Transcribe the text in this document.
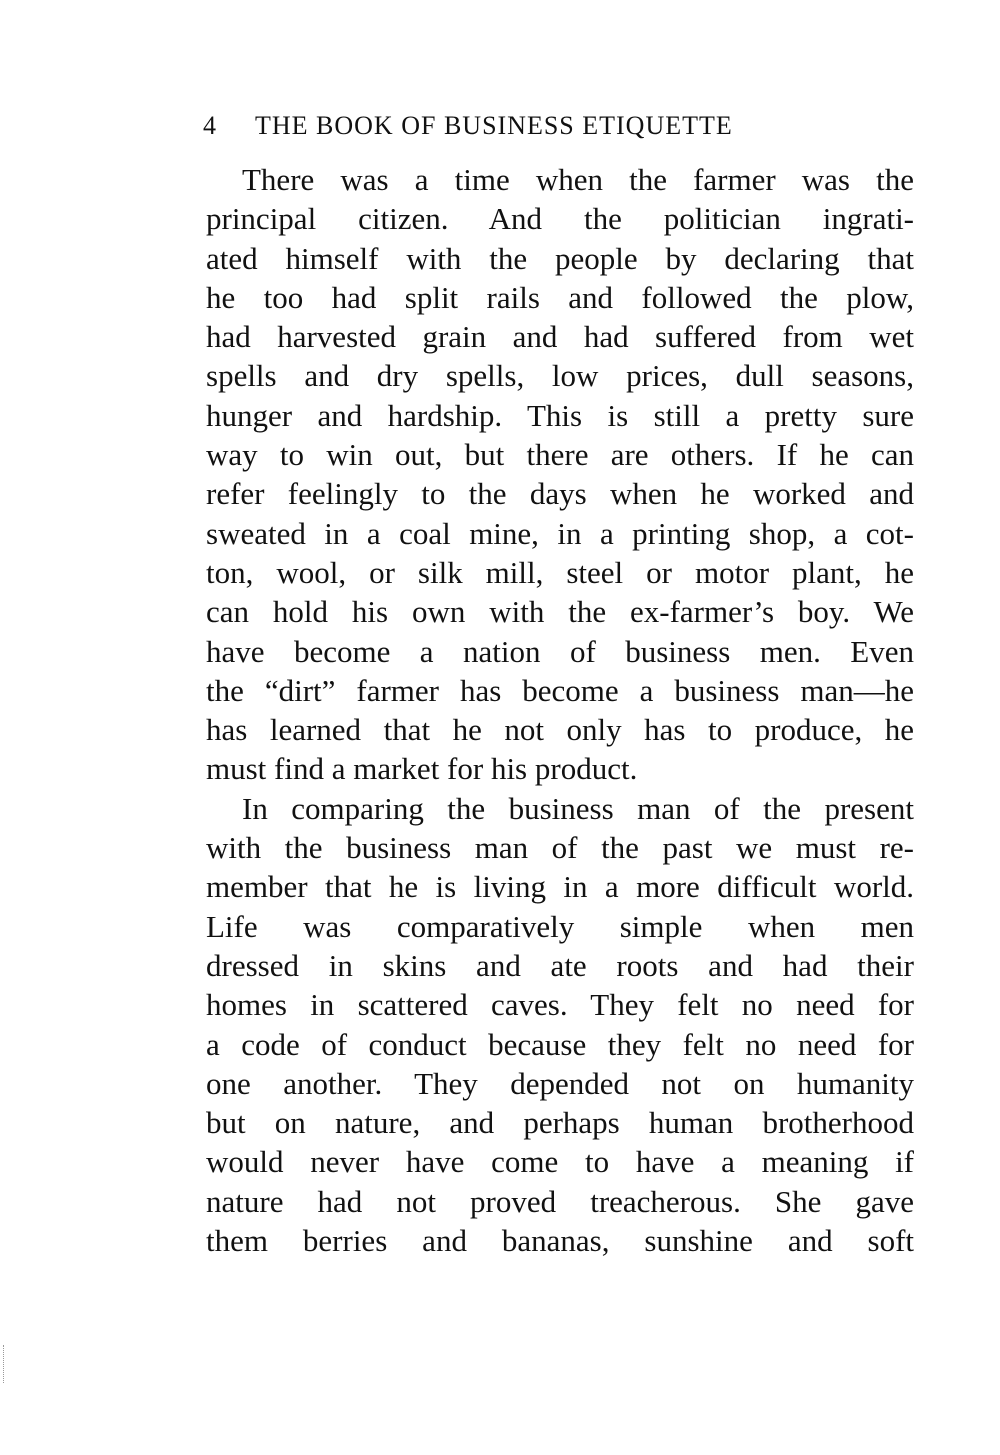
4 THE BOOK OF BUSINESS ETIQUETTE
There was a time when the farmer was the
principal citizen. And the politician ingrati-
ated himself with the people by declaring that
he too had split rails and followed the plow,
had harvested grain and had suffered from wet
spells and dry spells, low prices, dull seasons,
hunger and hardship. This is still a pretty sure
way to win out, but there are others. If he can
refer feelingly to the days when he worked and
sweated in a coal mine, in a printing shop, a cot-
ton, wool, or silk mill, steel or motor plant, he
can hold his own with the ex-farmer’s boy. We
have become a nation of business men. Even
the “dirt” farmer has become a business man—he
has learned that he not only has to produce, he
must find a market for his product.
In comparing the business man of the present
with the business man of the past we must re-
member that he is living in a more difficult world.
Life was comparatively simple when men
dressed in skins and ate roots and had their
homes in scattered caves. They felt no need for
a code of conduct because they felt no need for
one another. They depended not on humanity
but on nature, and perhaps human brotherhood
would never have come to have a meaning if
nature had not proved treacherous. She gave
them berries and bananas, sunshine and soft
